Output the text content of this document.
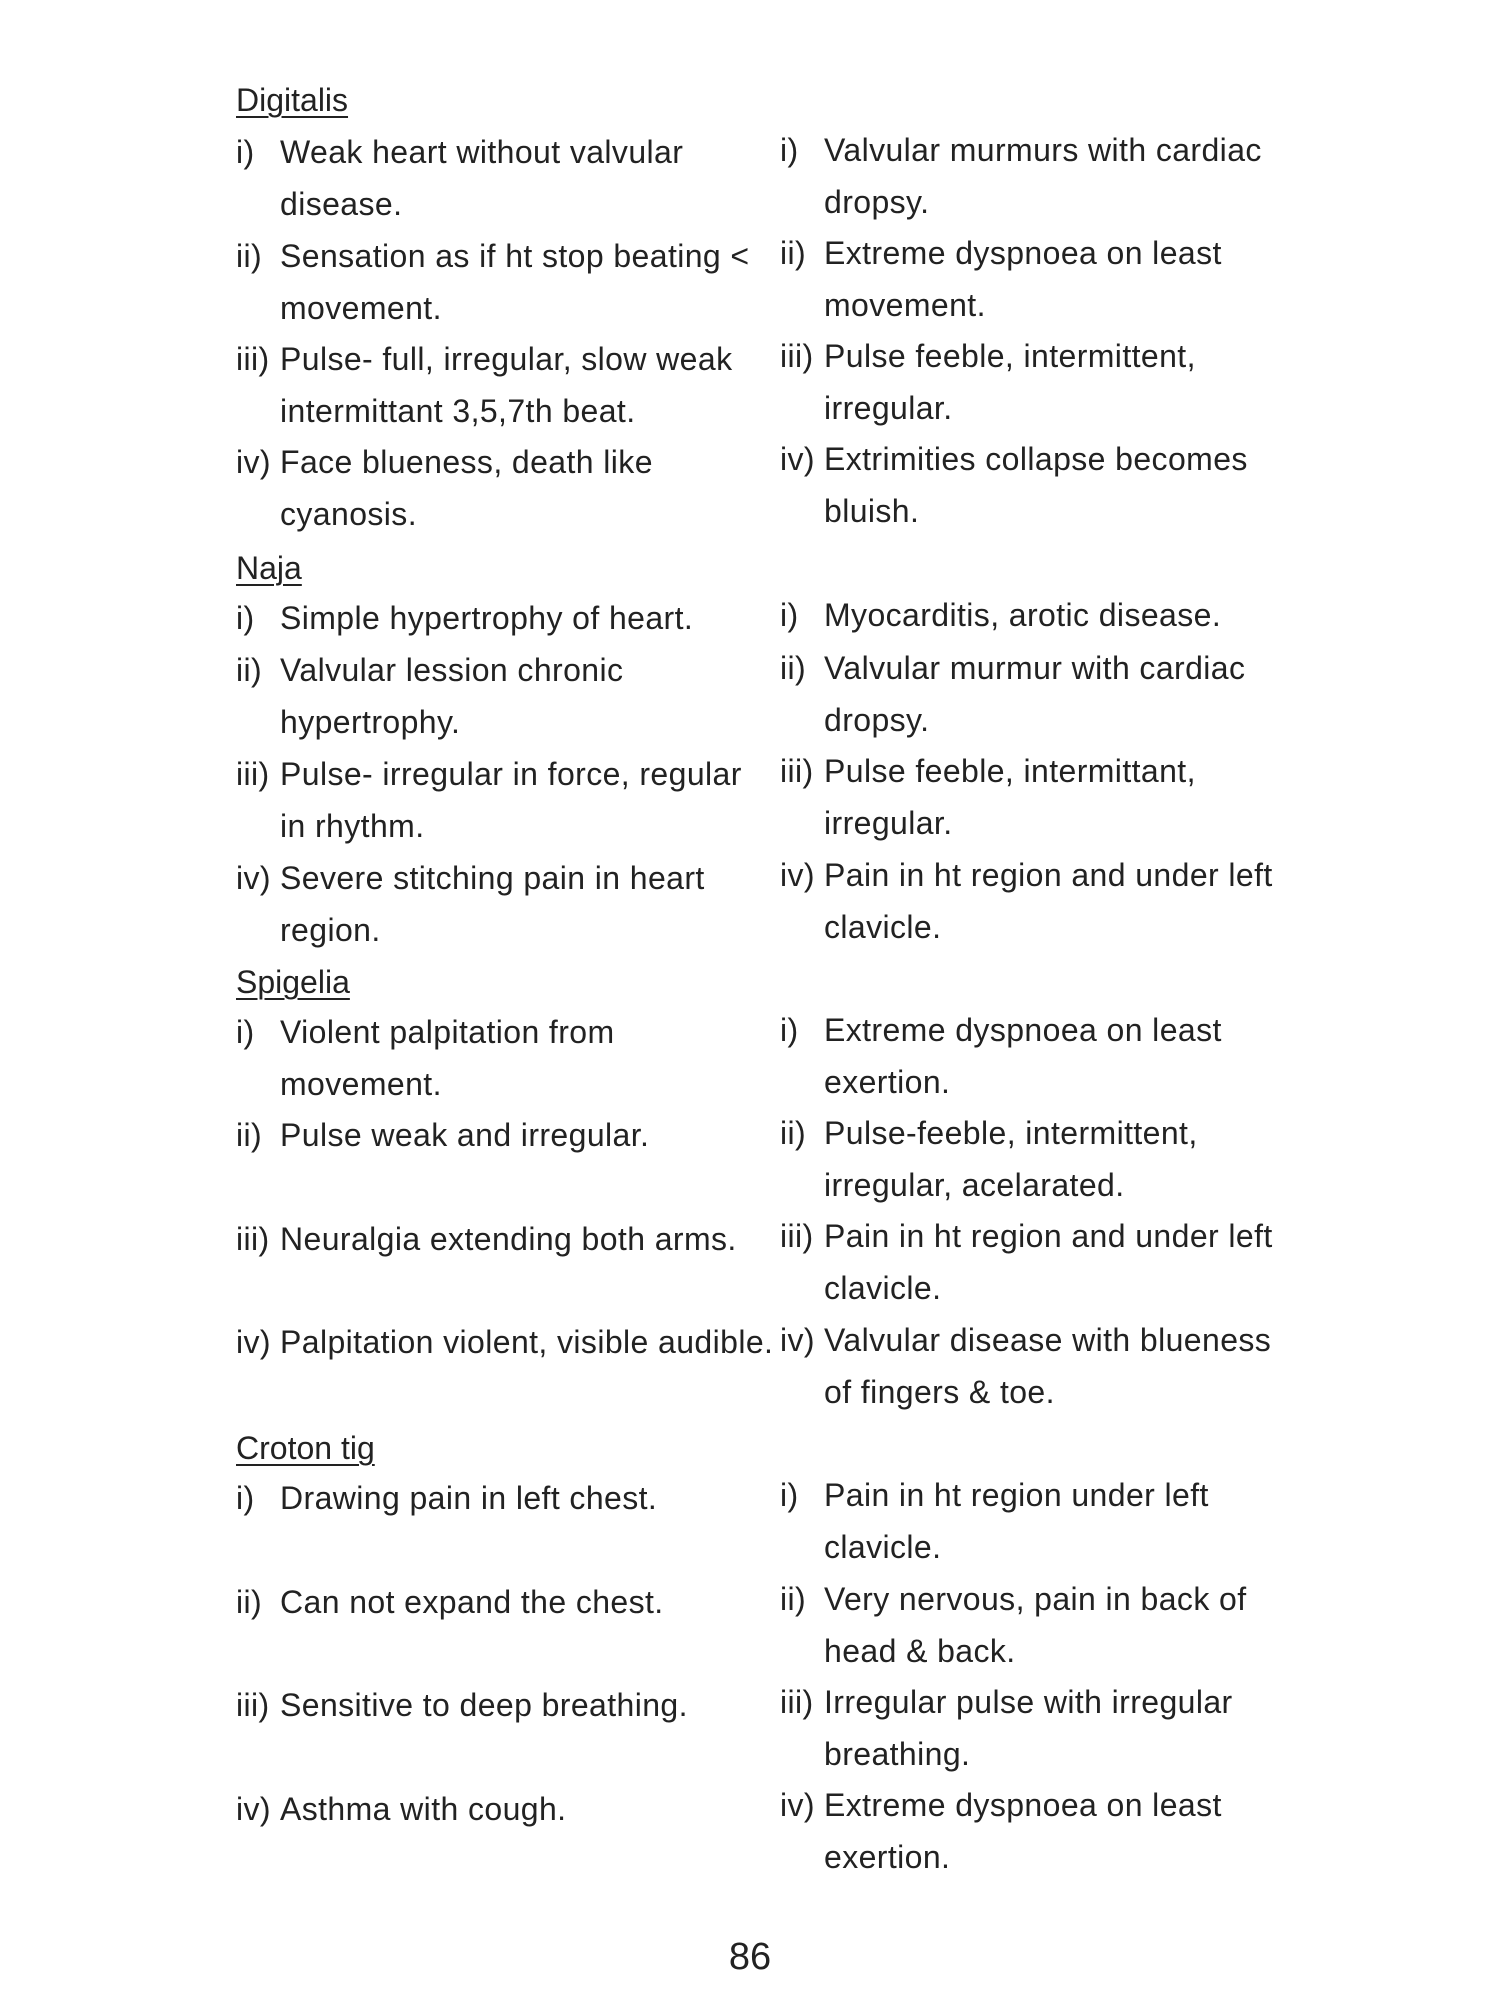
Digitalis
i) Weak heart without valvular disease.
ii) Sensation as if ht stop beating < movement.
iii) Pulse- full, irregular, slow weak intermittant 3,5,7th beat.
iv) Face blueness, death like cyanosis.
i) Valvular murmurs with cardiac dropsy.
ii) Extreme dyspnoea on least movement.
iii) Pulse feeble, intermittent, irregular.
iv) Extrimities collapse becomes bluish.
Naja
i) Simple hypertrophy of heart.
ii) Valvular lession chronic hypertrophy.
iii) Pulse- irregular in force, regular in rhythm.
iv) Severe stitching pain in heart region.
i) Myocarditis, arotic disease.
ii) Valvular murmur with cardiac dropsy.
iii) Pulse feeble, intermittant, irregular.
iv) Pain in ht region and under left clavicle.
Spigelia
i) Violent palpitation from movement.
ii) Pulse weak and irregular.
iii) Neuralgia extending both arms.
iv) Palpitation violent, visible audible.
i) Extreme dyspnoea on least exertion.
ii) Pulse-feeble, intermittent, irregular, acelarated.
iii) Pain in ht region and under left clavicle.
iv) Valvular disease with blueness of fingers & toe.
Croton tig
i) Drawing pain in left chest.
ii) Can not expand the chest.
iii) Sensitive to deep breathing.
iv) Asthma with cough.
i) Pain in ht region under left clavicle.
ii) Very nervous, pain in back of head & back.
iii) Irregular pulse with irregular breathing.
iv) Extreme dyspnoea on least exertion.
86
